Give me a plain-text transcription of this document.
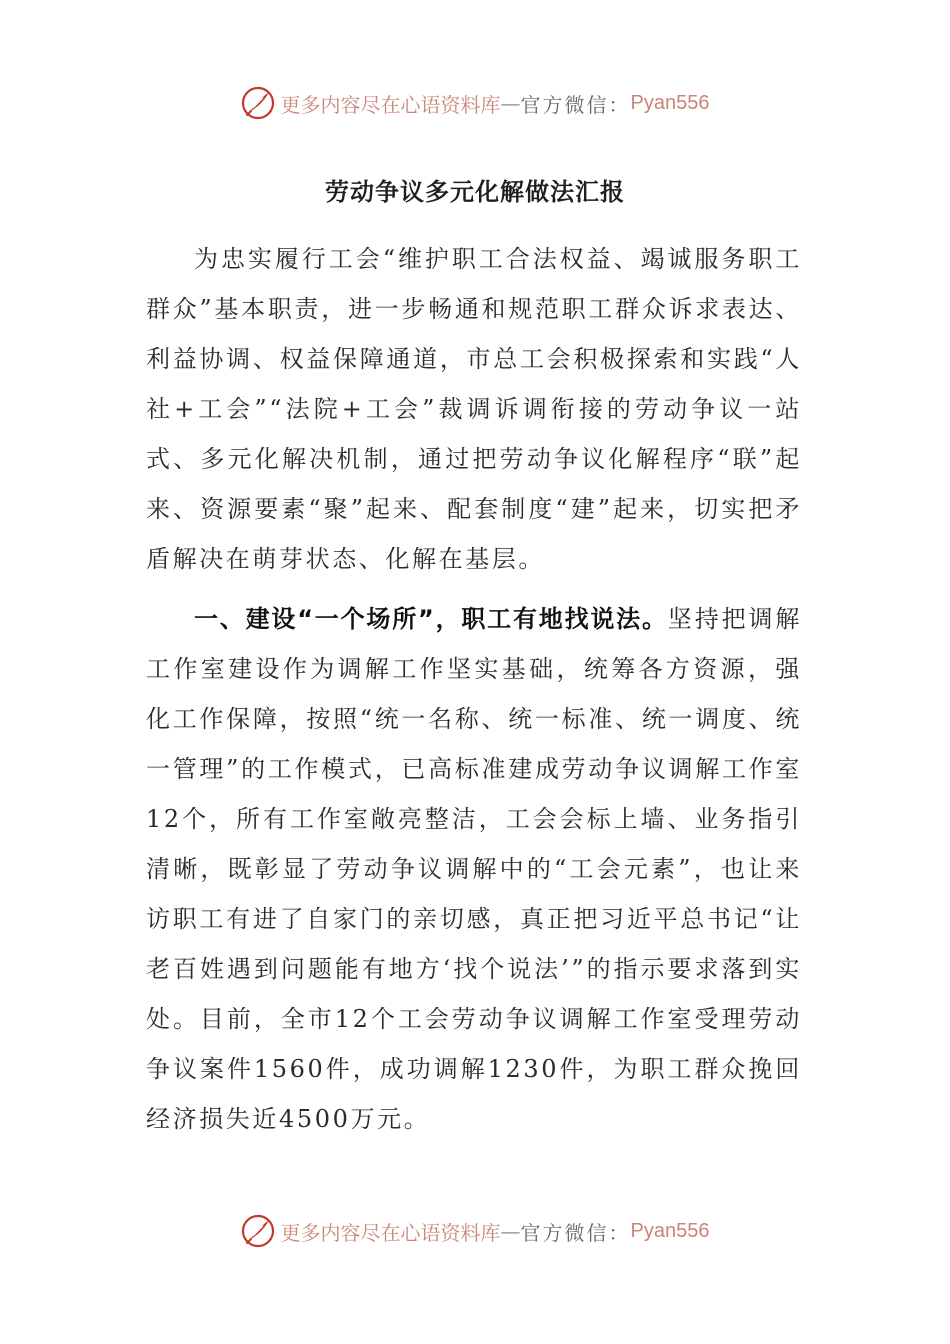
更多内容尽在心语资料库 — 官方微信： Pyan556
劳动争议多元化解做法汇报

为忠实履行工会“维护职工合法权益、竭诚服务职工群众”基本职责，进一步畅通和规范职工群众诉求表达、利益协调、权益保障通道，市总工会积极探索和实践“人社+工会”“法院+工会”裁调诉调衔接的劳动争议一站式、多元化解决机制，通过把劳动争议化解程序“联”起来、资源要素“聚”起来、配套制度“建”起来，切实把矛盾解决在萌芽状态、化解在基层。

一、建设“一个场所”，职工有地找说法。坚持把调解工作室建设作为调解工作坚实基础，统筹各方资源，强化工作保障，按照“统一名称、统一标准、统一调度、统一管理”的工作模式，已高标准建成劳动争议调解工作室12个，所有工作室敞亮整洁，工会会标上墙、业务指引清晰，既彰显了劳动争议调解中的“工会元素”，也让来访职工有进了自家门的亲切感，真正把习近平总书记“让老百姓遇到问题能有地方‘找个说法’”的指示要求落到实处。目前，全市12个工会劳动争议调解工作室受理劳动争议案件1560件，成功调解1230件，为职工群众挽回经济损失近4500万元。

更多内容尽在心语资料库 — 官方微信： Pyan556
